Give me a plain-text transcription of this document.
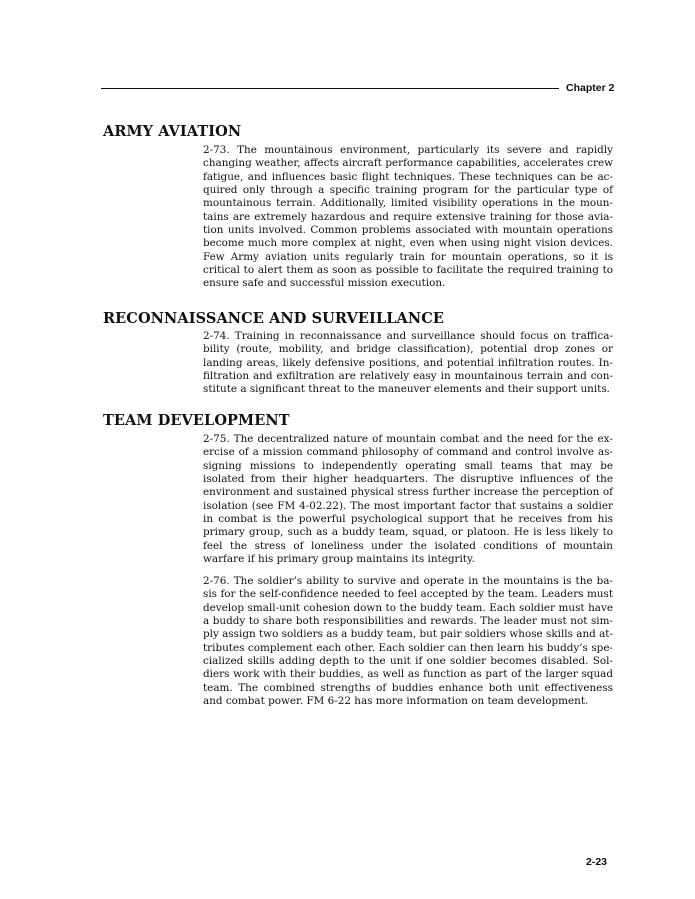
Chapter 2
ARMY AVIATION

2-73. The mountainous environment, particularly its severe and rapidly changing weather, affects aircraft performance capabilities, accelerates crew fatigue, and influences basic flight techniques. These techniques can be acquired only through a specific training program for the particular type of mountainous terrain. Additionally, limited visibility operations in the mountains are extremely hazardous and require extensive training for those aviation units involved. Common problems associated with mountain operations become much more complex at night, even when using night vision devices. Few Army aviation units regularly train for mountain operations, so it is critical to alert them as soon as possible to facilitate the required training to ensure safe and successful mission execution.

RECONNAISSANCE AND SURVEILLANCE

2-74. Training in reconnaissance and surveillance should focus on trafficability (route, mobility, and bridge classification), potential drop zones or landing areas, likely defensive positions, and potential infiltration routes. Infiltration and exfiltration are relatively easy in mountainous terrain and constitute a significant threat to the maneuver elements and their support units.

TEAM DEVELOPMENT

2-75. The decentralized nature of mountain combat and the need for the exercise of a mission command philosophy of command and control involve assigning missions to independently operating small teams that may be isolated from their higher headquarters. The disruptive influences of the environment and sustained physical stress further increase the perception of isolation (see FM 4-02.22). The most important factor that sustains a soldier in combat is the powerful psychological support that he receives from his primary group, such as a buddy team, squad, or platoon. He is less likely to feel the stress of loneliness under the isolated conditions of mountain warfare if his primary group maintains its integrity.

2-76. The soldier’s ability to survive and operate in the mountains is the basis for the self-confidence needed to feel accepted by the team. Leaders must develop small-unit cohesion down to the buddy team. Each soldier must have a buddy to share both responsibilities and rewards. The leader must not simply assign two soldiers as a buddy team, but pair soldiers whose skills and attributes complement each other. Each soldier can then learn his buddy’s specialized skills adding depth to the unit if one soldier becomes disabled. Soldiers work with their buddies, as well as function as part of the larger squad team. The combined strengths of buddies enhance both unit effectiveness and combat power. FM 6-22 has more information on team development.

2-23
